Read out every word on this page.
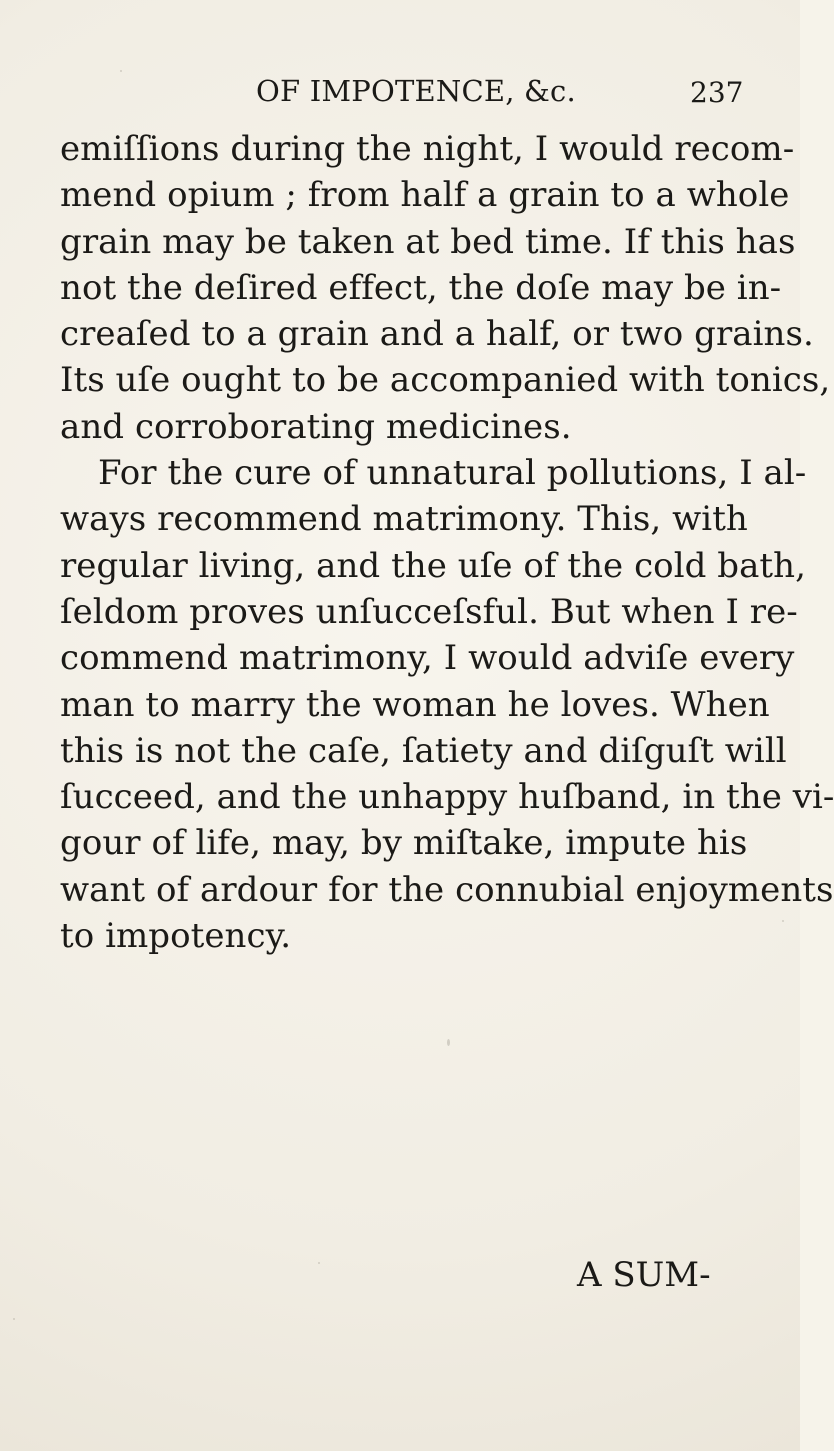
OF IMPOTENCE, &c.	237
emiſſions during the night, I would recom-
mend opium ; from half a grain to a whole
grain may be taken at bed time. If this has
not the deſired effect, the doſe may be in-
creaſed to a grain and a half, or two grains.
Its uſe ought to be accompanied with tonics,
and corroborating medicines.
For the cure of unnatural pollutions, I al-
ways recommend matrimony. This, with
regular living, and the uſe of the cold bath,
ſeldom proves unſucceſsful. But when I re-
commend matrimony, I would adviſe every
man to marry the woman he loves. When
this is not the caſe, ſatiety and diſguſt will
ſucceed, and the unhappy huſband, in the vi-
gour of life, may, by miſtake, impute his
want of ardour for the connubial enjoyments
to impotency.
A SUM-
